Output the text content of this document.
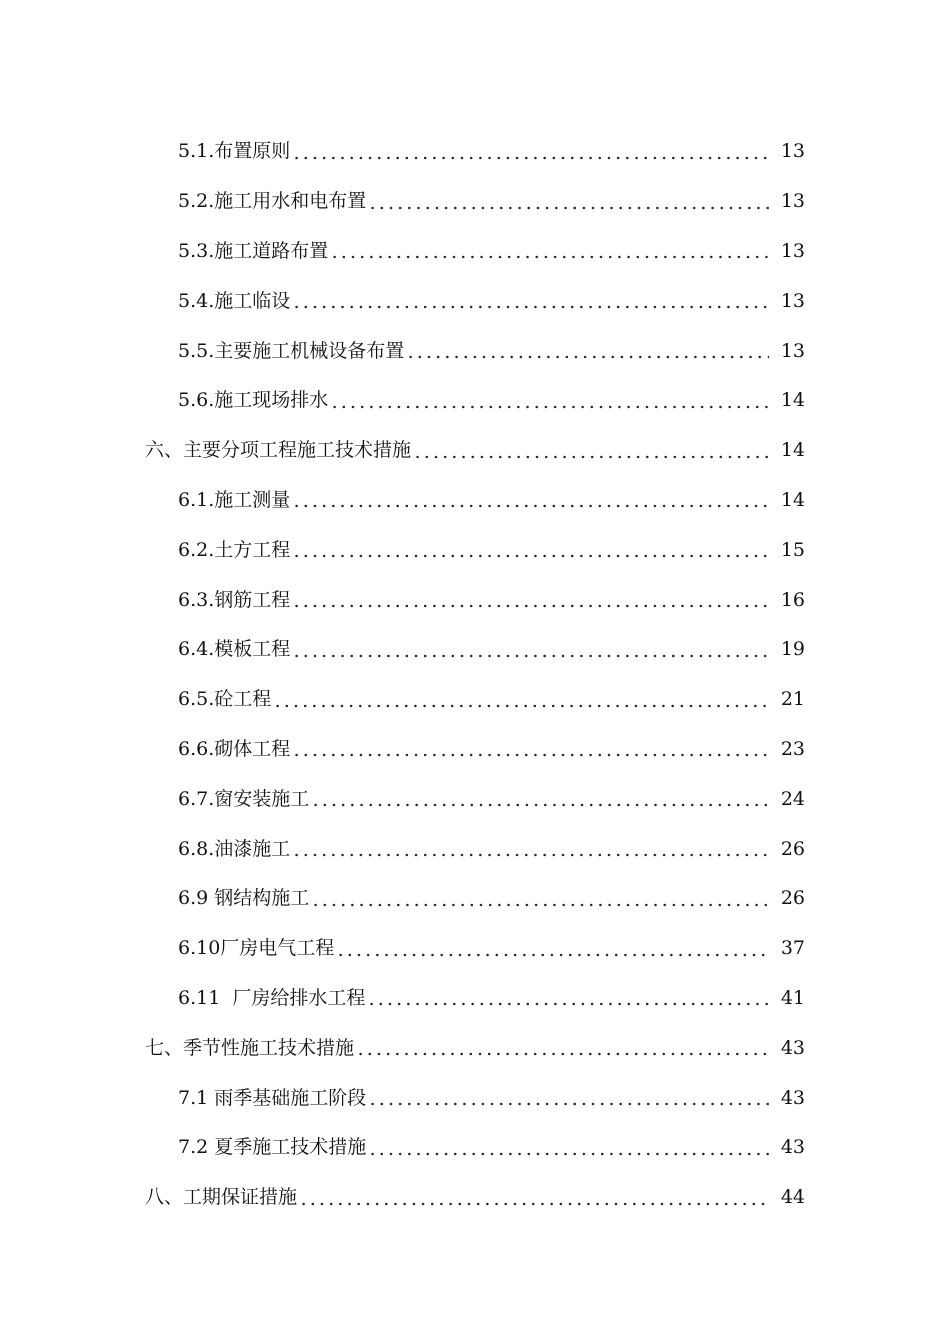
5.1.布置原则	13
5.2.施工用水和电布置	13
5.3.施工道路布置	13
5.4.施工临设	13
5.5.主要施工机械设备布置	13
5.6.施工现场排水	14
六、主要分项工程施工技术措施	14
6.1.施工测量	14
6.2.土方工程	15
6.3.钢筋工程	16
6.4.模板工程	19
6.5.砼工程	21
6.6.砌体工程	23
6.7.窗安装施工	24
6.8.油漆施工	26
6.9 钢结构施工	26
6.10厂房电气工程	37
6.11  厂房给排水工程	41
七、季节性施工技术措施	43
7.1 雨季基础施工阶段	43
7.2 夏季施工技术措施	43
八、工期保证措施	44
